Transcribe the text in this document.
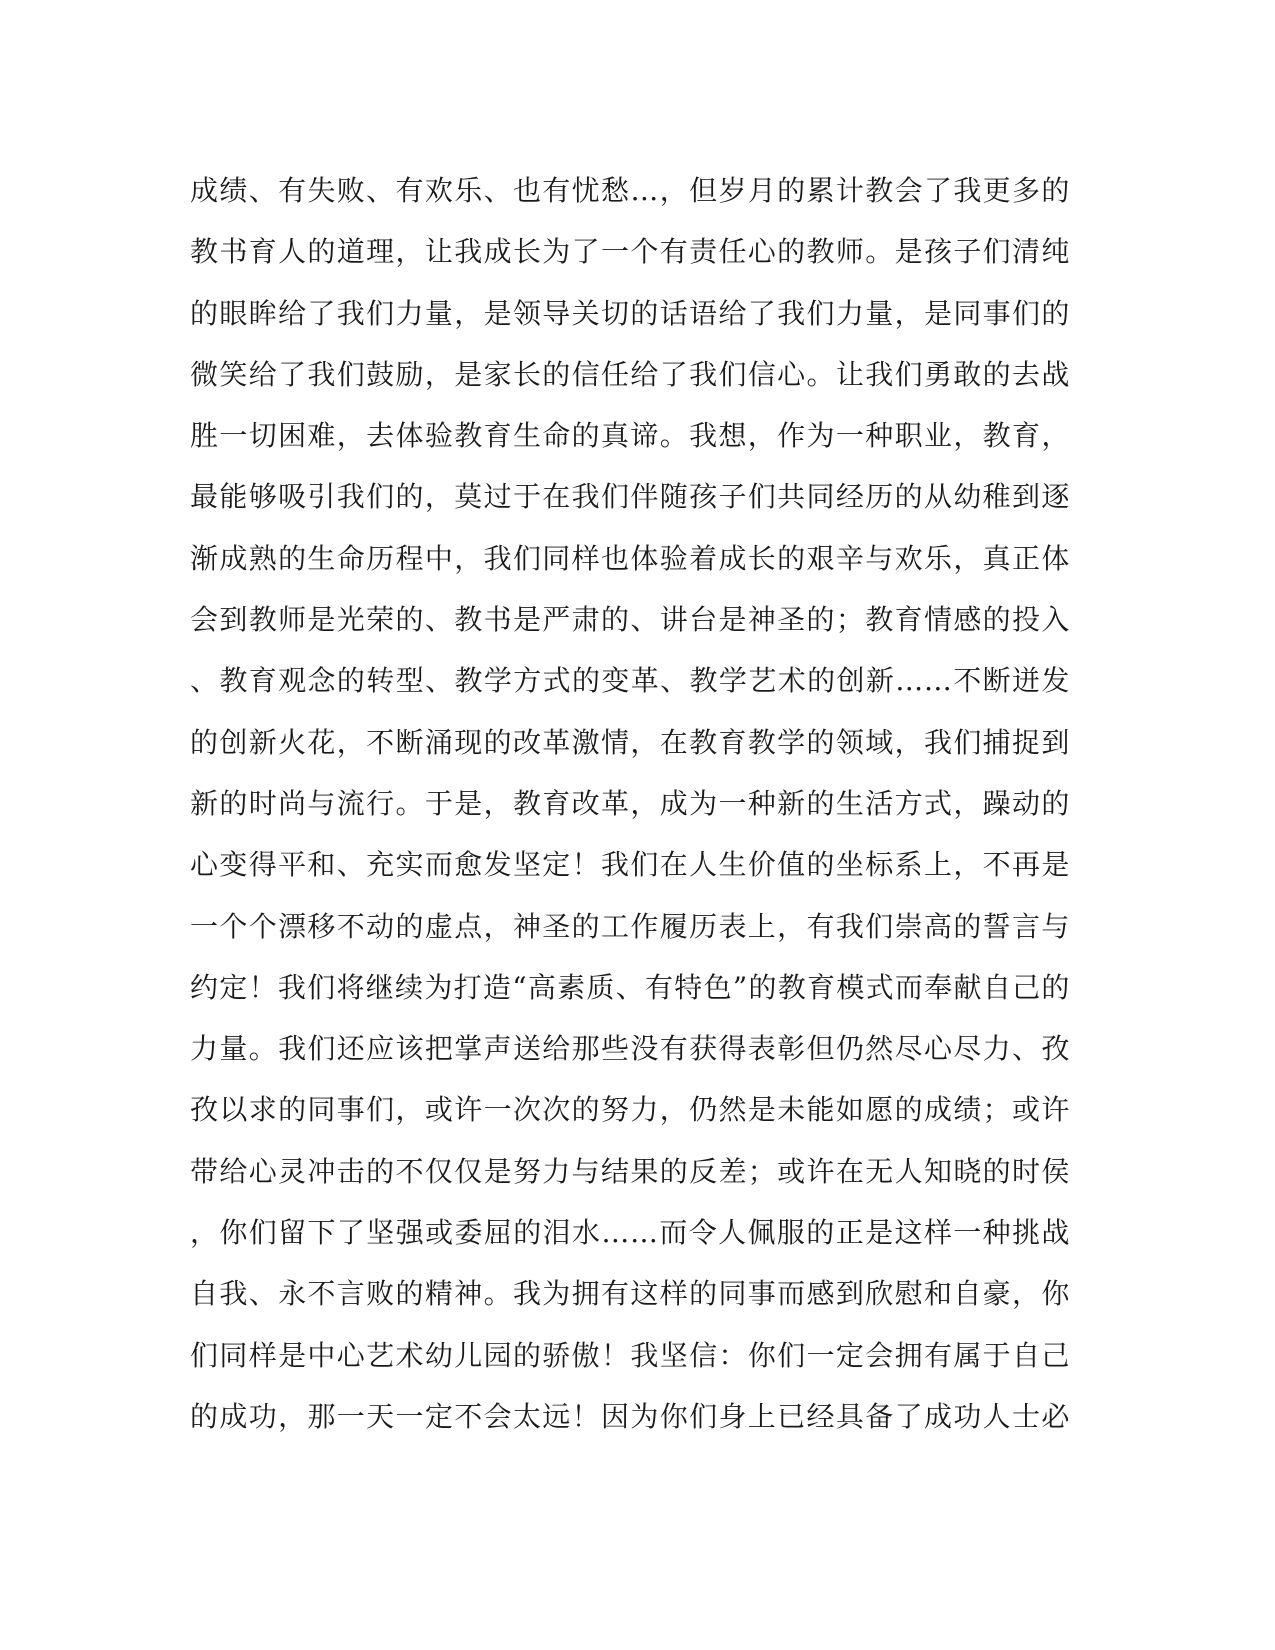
成绩、有失败、有欢乐、也有忧愁…，但岁月的累计教会了我更多的
教书育人的道理，让我成长为了一个有责任心的教师。是孩子们清纯
的眼眸给了我们力量，是领导关切的话语给了我们力量，是同事们的
微笑给了我们鼓励，是家长的信任给了我们信心。让我们勇敢的去战
胜一切困难，去体验教育生命的真谛。我想，作为一种职业，教育，
最能够吸引我们的，莫过于在我们伴随孩子们共同经历的从幼稚到逐
渐成熟的生命历程中，我们同样也体验着成长的艰辛与欢乐，真正体
会到教师是光荣的、教书是严肃的、讲台是神圣的；教育情感的投入
、教育观念的转型、教学方式的变革、教学艺术的创新……不断迸发
的创新火花，不断涌现的改革激情，在教育教学的领域，我们捕捉到
新的时尚与流行。于是，教育改革，成为一种新的生活方式，躁动的
心变得平和、充实而愈发坚定！我们在人生价值的坐标系上，不再是
一个个漂移不动的虚点，神圣的工作履历表上，有我们崇高的誓言与
约定！我们将继续为打造“高素质、有特色”的教育模式而奉献自己的
力量。我们还应该把掌声送给那些没有获得表彰但仍然尽心尽力、孜
孜以求的同事们，或许一次次的努力，仍然是未能如愿的成绩；或许
带给心灵冲击的不仅仅是努力与结果的反差；或许在无人知晓的时侯
，你们留下了坚强或委屈的泪水……而令人佩服的正是这样一种挑战
自我、永不言败的精神。我为拥有这样的同事而感到欣慰和自豪，你
们同样是中心艺术幼儿园的骄傲！我坚信：你们一定会拥有属于自己
的成功，那一天一定不会太远！因为你们身上已经具备了成功人士必
